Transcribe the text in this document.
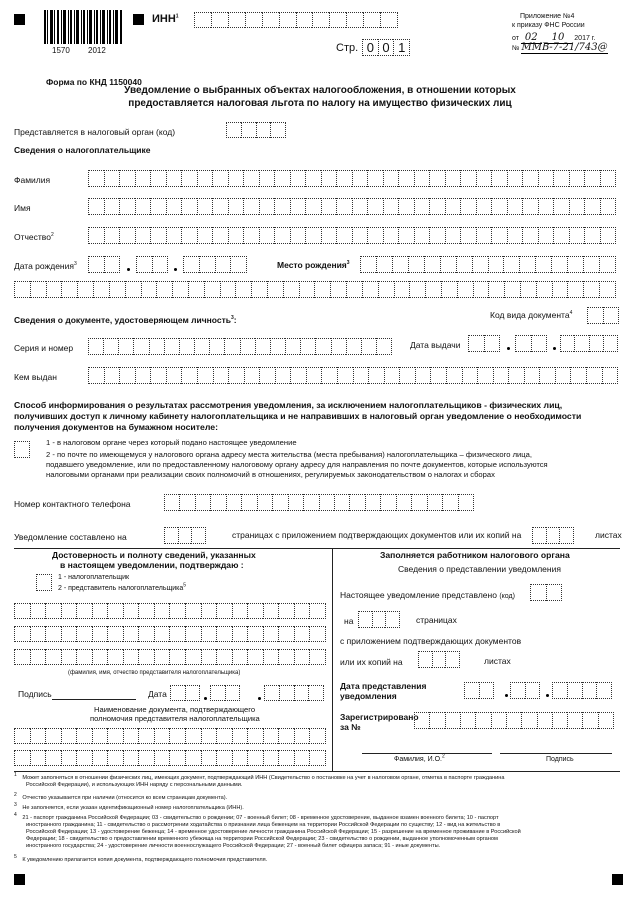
1570 2012
ИНН$^1$
Стр. 0 0 1
Приложение №4
к приказу ФНС России
от 02 10 2017 г.
№ ММВ-7-21/743@
Форма по КНД 1150040
Уведомление о выбранных объектах налогообложения, в отношении которых
предоставляется налоговая льгота по налогу на имущество физических лиц
Представляется в налоговый орган (код)
Сведения о налогоплательщике
Фамилия
Имя
Отчество$^2$
Дата рождения$^3$	Место рождения$^3$
Сведения о документе, удостоверяющем личность$^3$:	Код вида документа$^4$
Серия и номер	Дата выдачи
Кем выдан
Способ информирования о результатах рассмотрения уведомления, за исключением налогоплательщиков - физических лиц,
получивших доступ к личному кабинету налогоплательщика и не направивших в налоговый орган уведомление о необходимости
получения документов на бумажном носителе:
1 - в налоговом органе через который подано настоящее уведомление
2 - по почте по имеющемуся у налогового органа адресу места жительства (места пребывания) налогоплательщика – физического лица,
подавшего уведомление, или по предоставленному налоговому органу адресу для направления по почте документов, которые используются
налоговыми органами при реализации своих полномочий в отношениях, регулируемых законодательством о налогах и сборах
Номер контактного телефона
Уведомление составлено на	страницах с приложением подтверждающих документов или их копий на	листах
Достоверность и полноту сведений, указанных
в настоящем уведомлении, подтверждаю :
1 - налогоплательщик
2 - представитель налогоплательщика$^5$
(фамилия, имя, отчество представителя налогоплательщика)
Подпись	Дата
Наименование документа, подтверждающего
полномочия представителя налогоплательщика
Заполняется работником налогового органа
Сведения о представлении уведомления
Настоящее уведомление представлено (код)
на	страницах
с приложением подтверждающих документов
или их копий на	листах
Дата представления
уведомления
Зарегистрировано
за №
Фамилия, И.О.$^2$	Подпись
$^1$ Может заполняться в отношении физических лиц, имеющих документ, подтверждающий ИНН (Свидетельство о постановке на учет в налоговом органе, отметка в паспорте гражданина
Российской Федерации), и использующих ИНН наряду с персональными данными.
$^2$ Отчество указывается при наличии (относится ко всем страницам документа).
$^3$ Не заполняется, если указан идентификационный номер налогоплательщика (ИНН).
$^4$ 21 - паспорт гражданина Российской Федерации; 03 - свидетельство о рождении; 07 - военный билет; 08 - временное удостоверение, выданное взамен военного билета; 10 - паспорт
иностранного гражданина; 11 - свидетельство о рассмотрении ходатайства о признании лица беженцем на территории Российской Федерации по существу; 12 - вид на жительство в
Российской Федерации; 13 - удостоверение беженца; 14 - временное удостоверение личности гражданина Российской Федерации; 15 - разрешение на временное проживание в Российской
Федерации; 18 - свидетельство о предоставлении временного убежища на территории Российской Федерации; 23 - свидетельство о рождении, выданное уполномоченным органом
иностранного государства; 24 - удостоверение личности военнослужащего Российской Федерации; 27 - военный билет офицера запаса; 91 - иные документы.
$^5$ К уведомлению прилагается копия документа, подтверждающего полномочия представителя.
